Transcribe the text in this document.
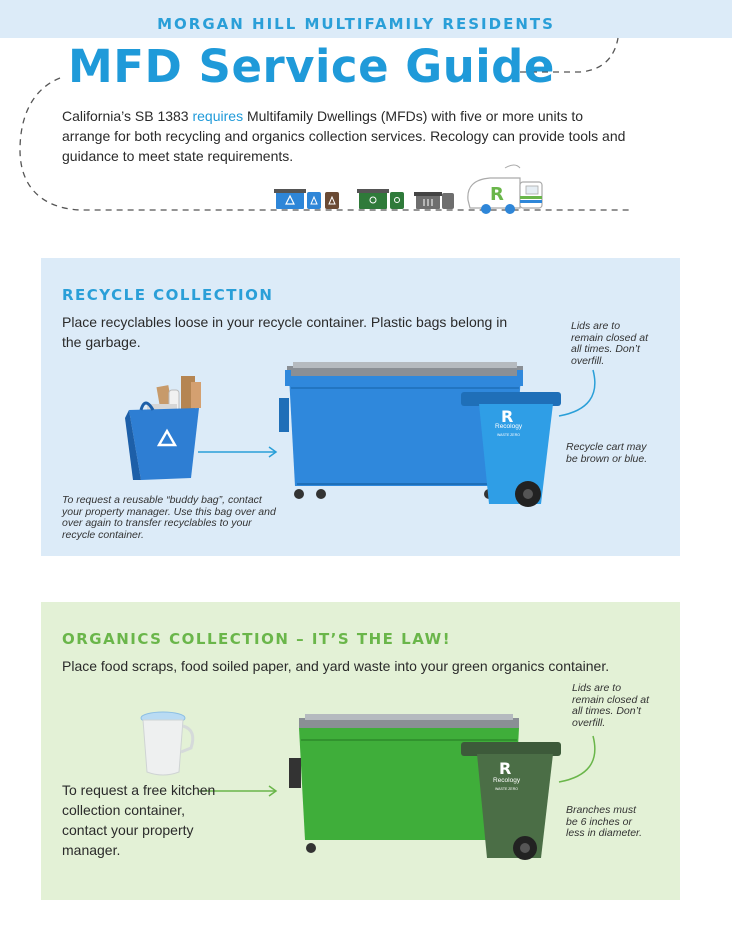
MORGAN HILL MULTIFAMILY RESIDENTS
MFD Service Guide

California’s SB 1383 requires Multifamily Dwellings (MFDs) with five or more units to arrange for both recycling and organics collection services. Recology can provide tools and guidance to meet state requirements.

R
RECYCLE COLLECTION

Place recyclables loose in your recycle container. Plastic bags belong in the garbage.

R
Recology
WASTE ZERO

Lids are to remain closed at all times. Don’t overfill.

Recycle cart may be brown or blue.

To request a reusable “buddy bag”, contact your property manager. Use this bag over and over again to transfer recyclables to your recycle container.

ORGANICS COLLECTION – IT’S THE LAW!

Place food scraps, food soiled paper, and yard waste into your green organics container.

R
Recology
WASTE ZERO

Lids are to remain closed at all times. Don’t overfill.

Branches must be 6 inches or less in diameter.

To request a free kitchen collection container, contact your property manager.
